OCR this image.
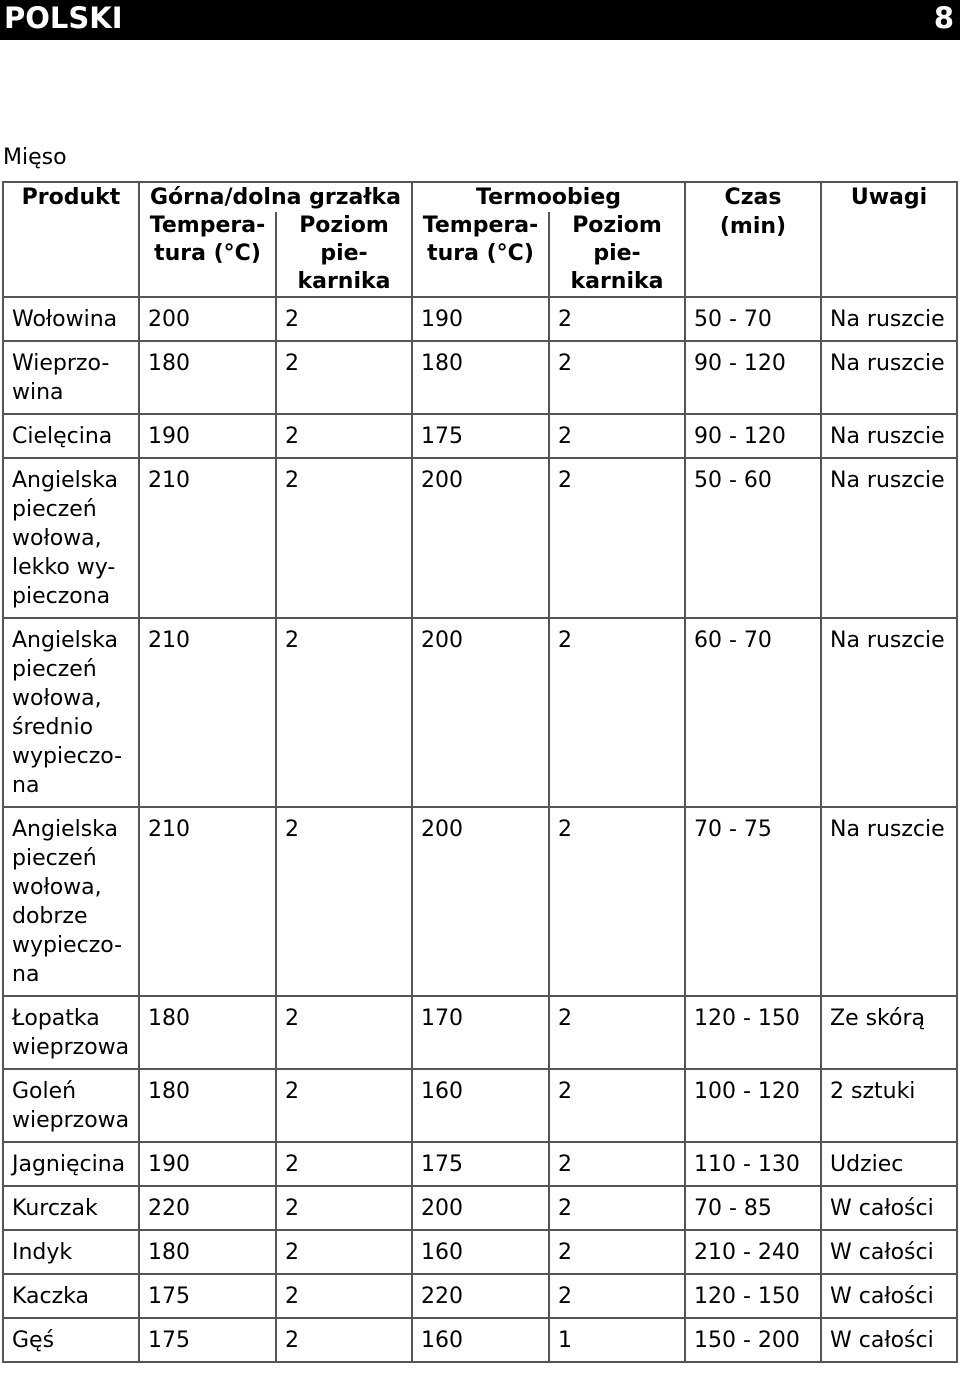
POLSKI	8
Mięso
Produkt	Górna/dolna grzałka		Termoobieg		Czas (min)	Uwagi
	Tempera-tura (°C)	Poziom pie-karnika	Tempera-tura (°C)	Poziom pie-karnika		
Wołowina	200	2	190	2	50 - 70	Na ruszcie
Wieprzo-wina	180	2	180	2	90 - 120	Na ruszcie
Cielęcina	190	2	175	2	90 - 120	Na ruszcie
Angielska pieczeń wołowa, lekko wy-pieczona	210	2	200	2	50 - 60	Na ruszcie
Angielska pieczeń wołowa, średnio wypieczo-na	210	2	200	2	60 - 70	Na ruszcie
Angielska pieczeń wołowa, dobrze wypieczo-na	210	2	200	2	70 - 75	Na ruszcie
Łopatka wieprzowa	180	2	170	2	120 - 150	Ze skórą
Goleń wieprzowa	180	2	160	2	100 - 120	2 sztuki
Jagnięcina	190	2	175	2	110 - 130	Udziec
Kurczak	220	2	200	2	70 - 85	W całości
Indyk	180	2	160	2	210 - 240	W całości
Kaczka	175	2	220	2	120 - 150	W całości
Gęś	175	2	160	1	150 - 200	W całości
